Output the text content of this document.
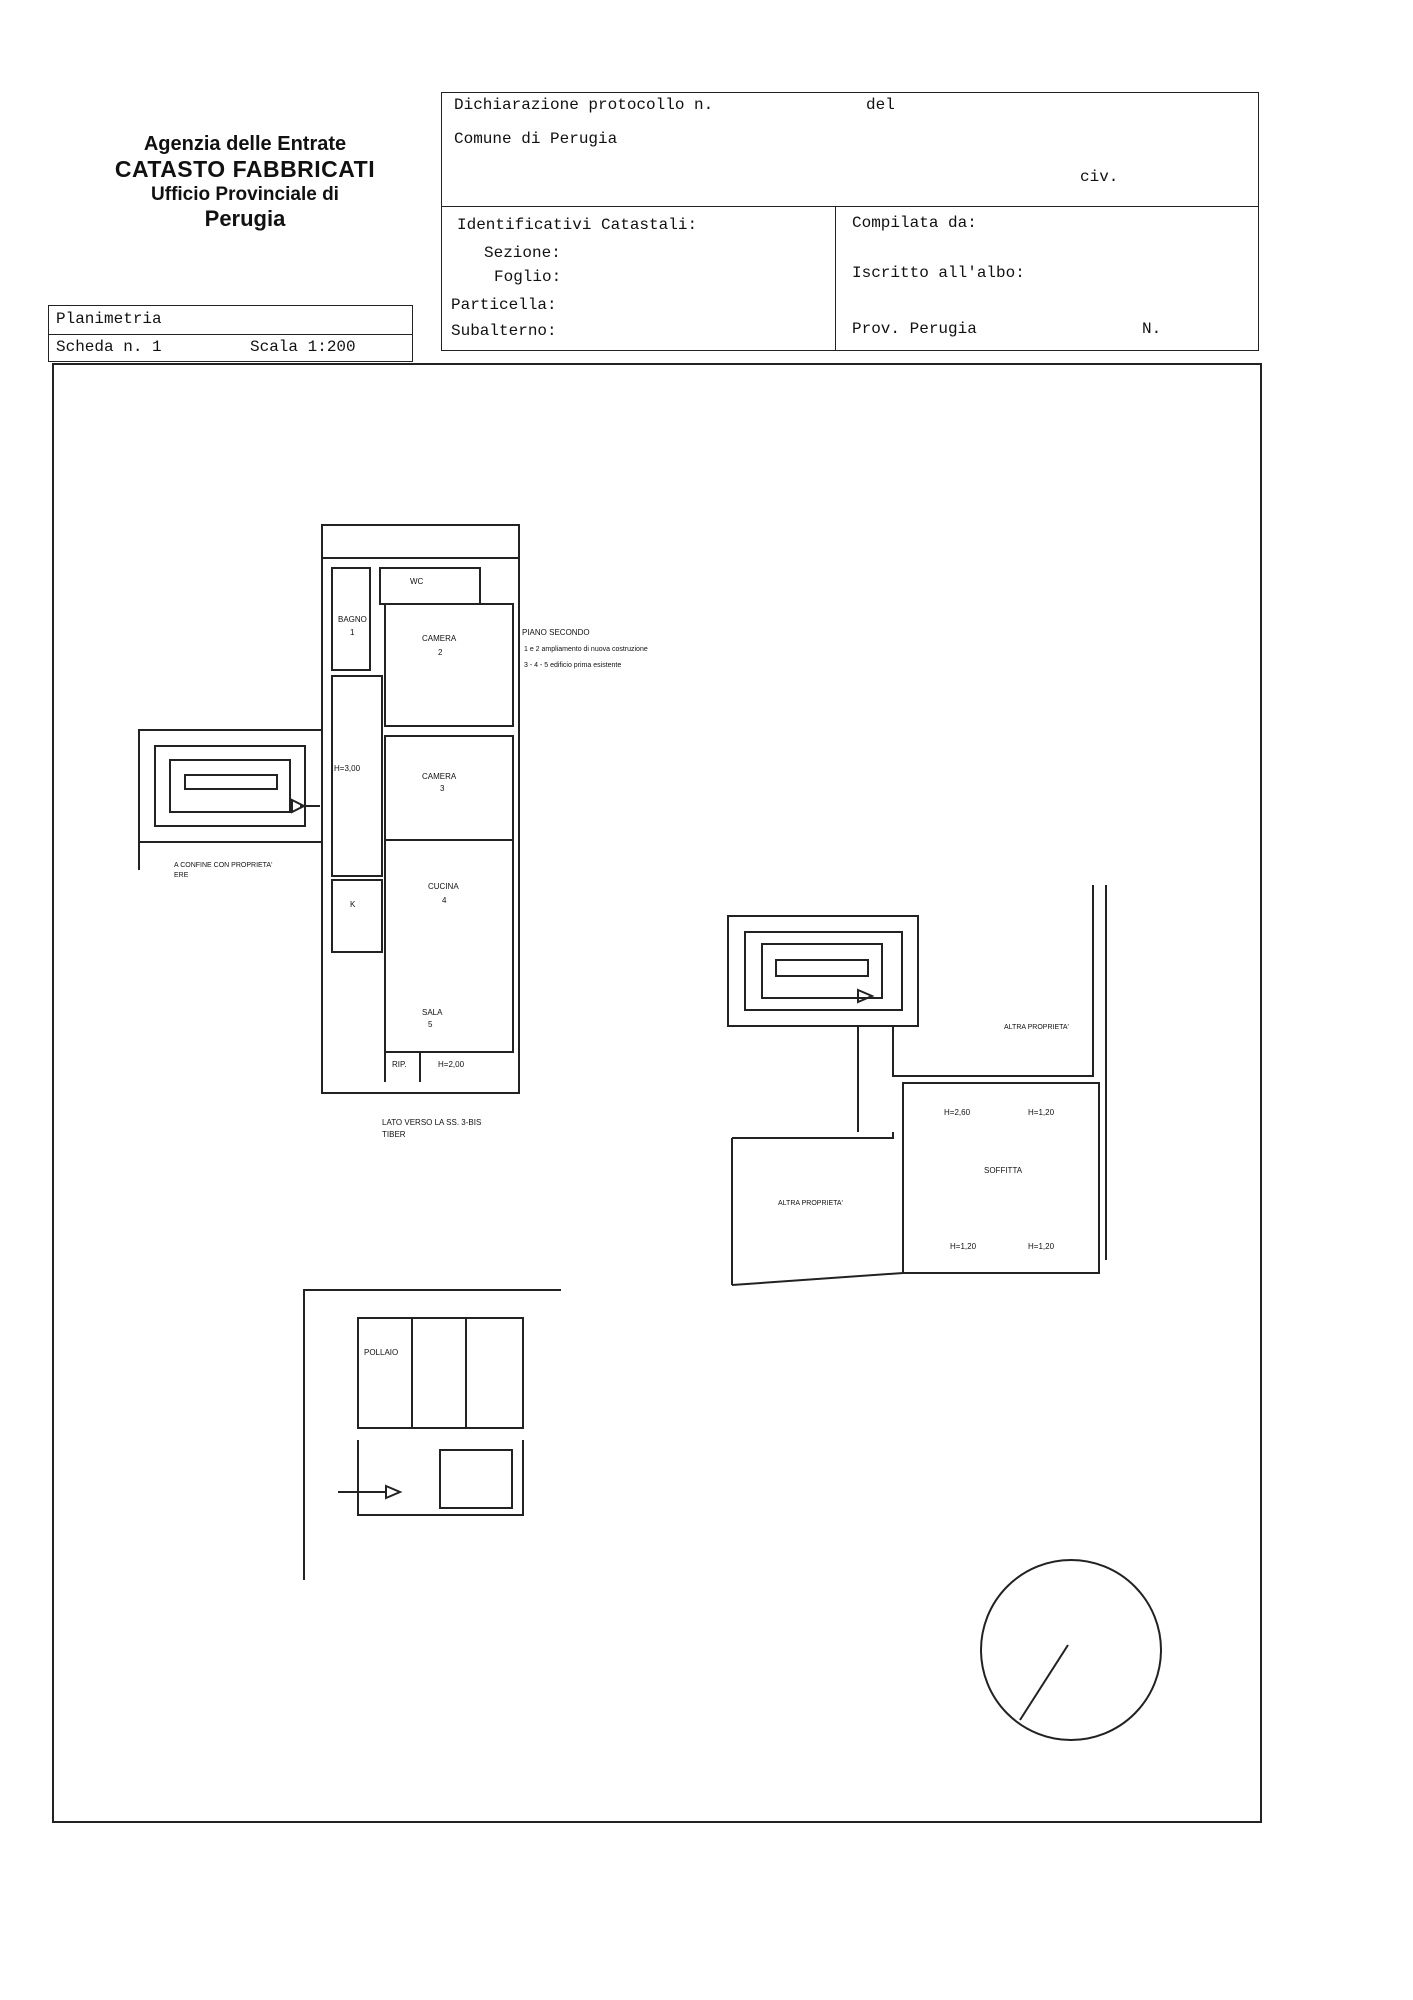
Agenzia delle Entrate
CATASTO FABBRICATI
Ufficio Provinciale di
Perugia
Dichiarazione protocollo n.	del
Comune di Perugia
civ.
Identificativi Catastali:
Sezione:
Foglio:
Particella:
Subalterno:
Compilata da:
Iscritto all'albo:
Prov. Perugia	N.
Planimetria
Scheda n. 1	Scala 1:200
WC
BAGNO
1
CAMERA
2
CAMERA
3
CUCINA
4
SALA
5
H=3,00
K
RIP.	H=2,00
PIANO SECONDO
1 e 2 ampliamento di nuova costruzione
3 - 4 - 5 edificio prima esistente
A CONFINE CON PROPRIETA'
ERE
LATO VERSO LA SS. 3-BIS
TIBER
ALTRA PROPRIETA'
ALTRA PROPRIETA'
SOFFITTA
H=2,60	H=1,20
H=1,20	H=1,20
POLLAIO
